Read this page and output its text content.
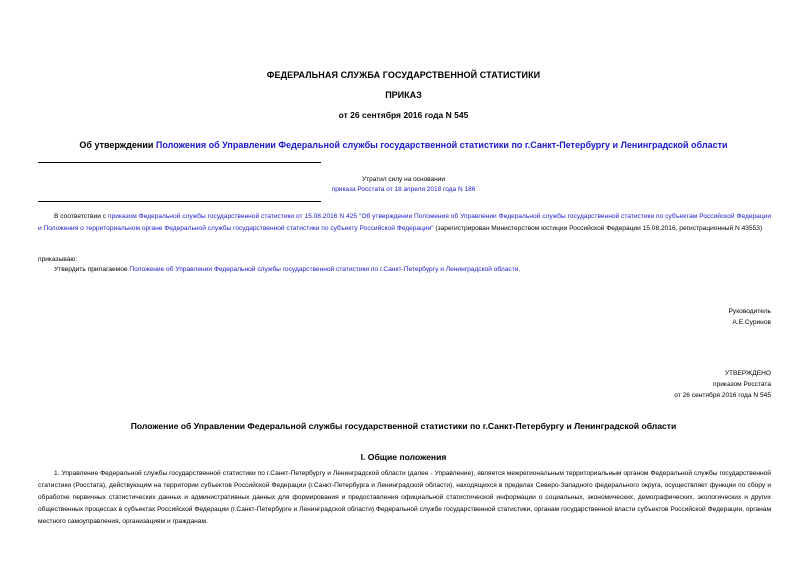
ФЕДЕРАЛЬНАЯ СЛУЖБА ГОСУДАРСТВЕННОЙ СТАТИСТИКИ
ПРИКАЗ
от 26 сентября 2016 года N 545
Об утверждении Положения об Управлении Федеральной службы государственной статистики по г.Санкт-Петербургу и Ленинградской области
Утратил силу на основании
приказа Росстата от 18 апреля 2018 года N 186
В соответствии с приказом Федеральной службы государственной статистики от 15.08.2016 N 425 "Об утверждении Положения об Управлении Федеральной службы государственной статистики по субъектам Российской Федерации и Положения о территориальном органе Федеральной службы государственной статистики по субъекту Российской Федерации" (зарегистрирован Министерством юстиции Российской Федерации 15.08.2016, регистрационный N 43553)
приказываю:
Утвердить прилагаемое Положение об Управлении Федеральной службы государственной статистики по г.Санкт-Петербургу и Ленинградской области.
Руководитель
А.Е.Суринов
УТВЕРЖДЕНО
приказом Росстата
от 26 сентября 2016 года N 545
Положение об Управлении Федеральной службы государственной статистики по г.Санкт-Петербургу и Ленинградской области
I. Общие положения
1. Управление Федеральной службы государственной статистики по г.Санкт-Петербургу и Ленинградской области (далее - Управление), является межрегиональным территориальным органом Федеральной службы государственной статистики (Росстата), действующим на территории субъектов Российской Федерации (г.Санкт-Петербурга и Ленинградской области), находящихся в пределах Северо-Западного федерального округа, осуществляет функции по сбору и обработке первичных статистических данных и административных данных для формирования и предоставления официальной статистической информации о социальных, экономических, демографических, экологических и других общественных процессах в субъектах Российской Федерации (г.Санкт-Петербурге и Ленинградской области) Федеральной службе государственной статистики, органам государственной власти субъектов Российской Федерации, органам местного самоуправления, организациям и гражданам.
